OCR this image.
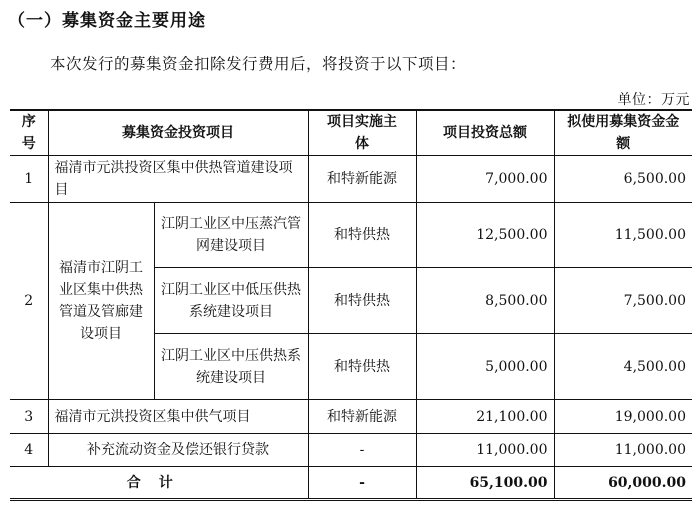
（一）募集资金主要用途
本次发行的募集资金扣除发行费用后，将投资于以下项目：
单位：万元
序号	募集资金投资项目		项目实施主体	项目投资总额	拟使用募集资金金额
1	福清市元洪投资区集中供热管道建设项目		和特新能源	7,000.00	6,500.00
2	福清市江阴工业区集中供热管道及管廊建设项目	江阴工业区中压蒸汽管网建设项目	和特供热	12,500.00	11,500.00
		江阴工业区中低压供热系统建设项目	和特供热	8,500.00	7,500.00
		江阴工业区中压供热系统建设项目	和特供热	5,000.00	4,500.00
3	福清市元洪投资区集中供气项目		和特新能源	21,100.00	19,000.00
4	补充流动资金及偿还银行贷款		-	11,000.00	11,000.00
合计			-	65,100.00	60,000.00
